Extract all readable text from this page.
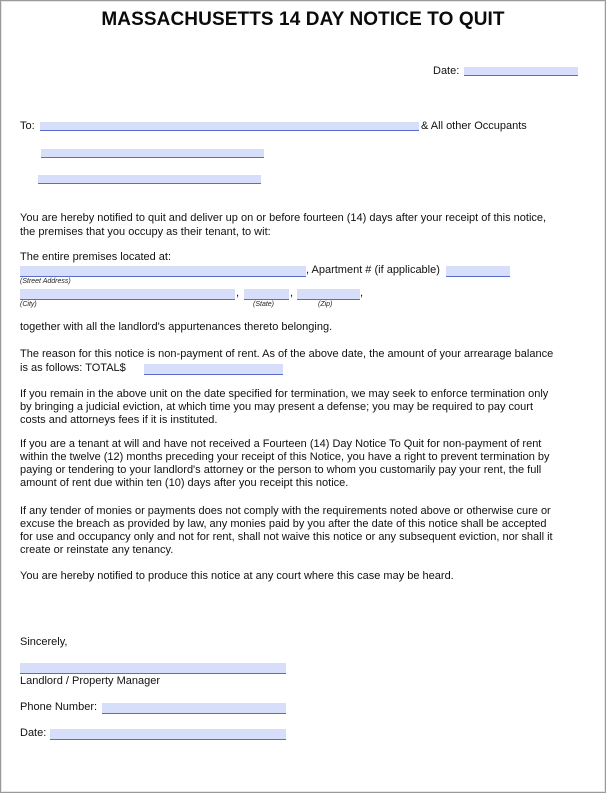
MASSACHUSETTS 14 DAY NOTICE TO QUIT
Date:
To:	& All other Occupants
You are hereby notified to quit and deliver up on or before fourteen (14) days after your receipt of this notice,
the premises that you occupy as their tenant, to wit:
The entire premises located at:
, Apartment # (if applicable)
(Street Address)
,	,	,
(City)	(State)	(Zip)
together with all the landlord's appurtenances thereto belonging.
The reason for this notice is non-payment of rent. As of the above date, the amount of your arrearage balance
is as follows: TOTAL$
If you remain in the above unit on the date specified for termination, we may seek to enforce termination only
by bringing a judicial eviction, at which time you may present a defense; you may be required to pay court
costs and attorneys fees if it is instituted.
If you are a tenant at will and have not received a Fourteen (14) Day Notice To Quit for non-payment of rent
within the twelve (12) months preceding your receipt of this Notice, you have a right to prevent termination by
paying or tendering to your landlord's attorney or the person to whom you customarily pay your rent, the full
amount of rent due within ten (10) days after you receipt this notice.
If any tender of monies or payments does not comply with the requirements noted above or otherwise cure or
excuse the breach as provided by law, any monies paid by you after the date of this notice shall be accepted
for use and occupancy only and not for rent, shall not waive this notice or any subsequent eviction, nor shall it
create or reinstate any tenancy.
You are hereby notified to produce this notice at any court where this case may be heard.
Sincerely,
Landlord / Property Manager
Phone Number:
Date:
